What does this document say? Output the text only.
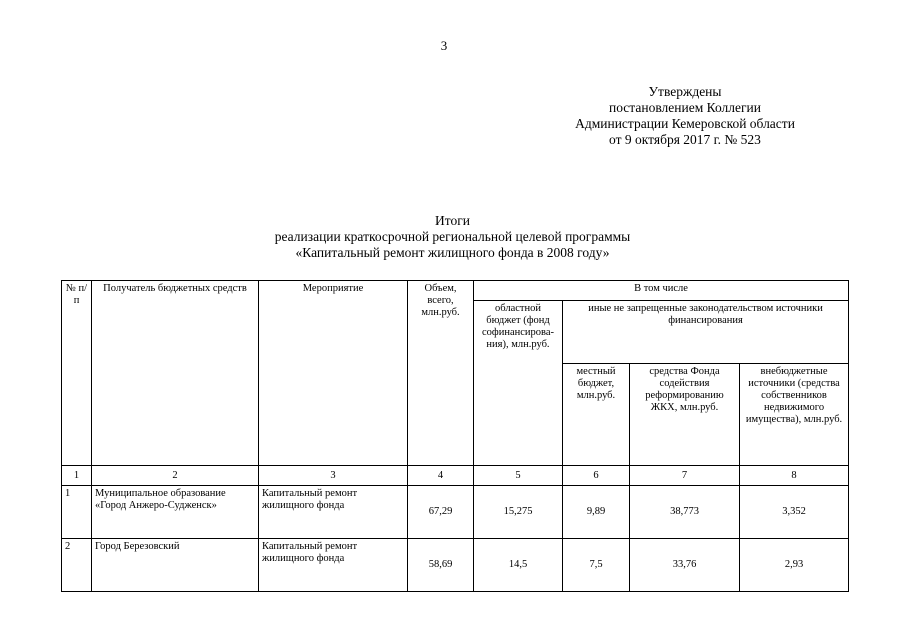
3
Утверждены
постановлением Коллегии
Администрации Кемеровской области
от 9 октября 2017 г. № 523
Итоги
реализации краткосрочной региональной целевой программы
«Капитальный ремонт жилищного фонда в 2008 году»
№ п/п	Получатель бюджетных средств	Мероприятие	Объем, всего, млн.руб.	В том числе			
				областной бюджет (фонд софинансирова-ния), млн.руб.	иные не запрещенные законодательством источники финансирования		
					местный бюджет, млн.руб.	средства Фонда содействия реформированию ЖКХ, млн.руб.	внебюджетные источники (средства собственников недвижимого имущества), млн.руб.
1	2	3	4	5	6	7	8
1	Муниципальное образование «Город Анжеро-Судженск»	Капитальный ремонт жилищного фонда	67,29	15,275	9,89	38,773	3,352
2	Город Березовский	Капитальный ремонт жилищного фонда	58,69	14,5	7,5	33,76	2,93
